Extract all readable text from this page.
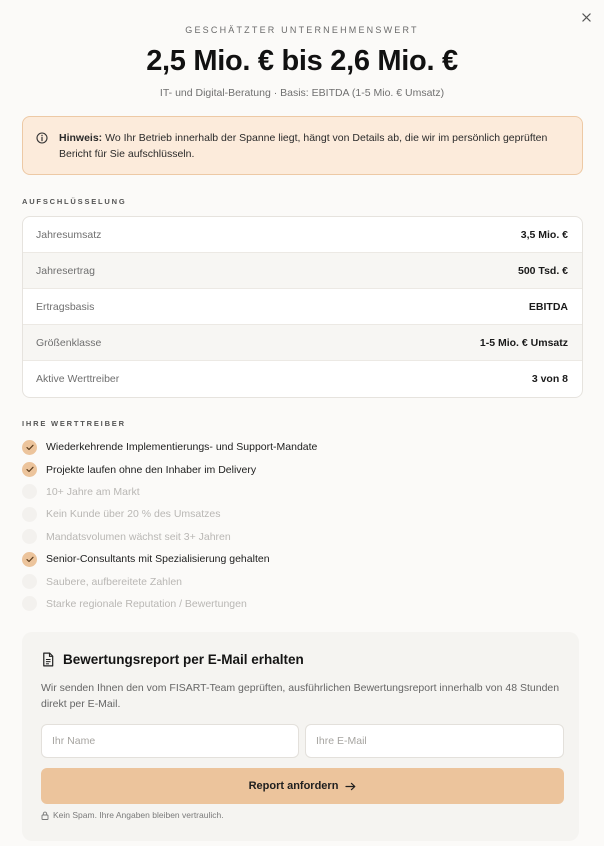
GESCHÄTZTER UNTERNEHMENSWERT
2,5 Mio. € bis 2,6 Mio. €
IT- und Digital-Beratung · Basis: EBITDA (1-5 Mio. € Umsatz)
Hinweis: Wo Ihr Betrieb innerhalb der Spanne liegt, hängt von Details ab, die wir im persönlich geprüften Bericht für Sie aufschlüsseln.
AUFSCHLÜSSELUNG
Jahresumsatz	3,5 Mio. €
Jahresertrag	500 Tsd. €
Ertragsbasis	EBITDA
Größenklasse	1-5 Mio. € Umsatz
Aktive Werttreiber	3 von 8
IHRE WERTTREIBER
Wiederkehrende Implementierungs- und Support-Mandate
Projekte laufen ohne den Inhaber im Delivery
10+ Jahre am Markt
Kein Kunde über 20 % des Umsatzes
Mandatsvolumen wächst seit 3+ Jahren
Senior-Consultants mit Spezialisierung gehalten
Saubere, aufbereitete Zahlen
Starke regionale Reputation / Bewertungen
Bewertungsreport per E-Mail erhalten
Wir senden Ihnen den vom FISART-Team geprüften, ausführlichen Bewertungsreport innerhalb von 48 Stunden direkt per E-Mail.
Ihr Name
Ihre E-Mail
Report anfordern
Kein Spam. Ihre Angaben bleiben vertraulich.
